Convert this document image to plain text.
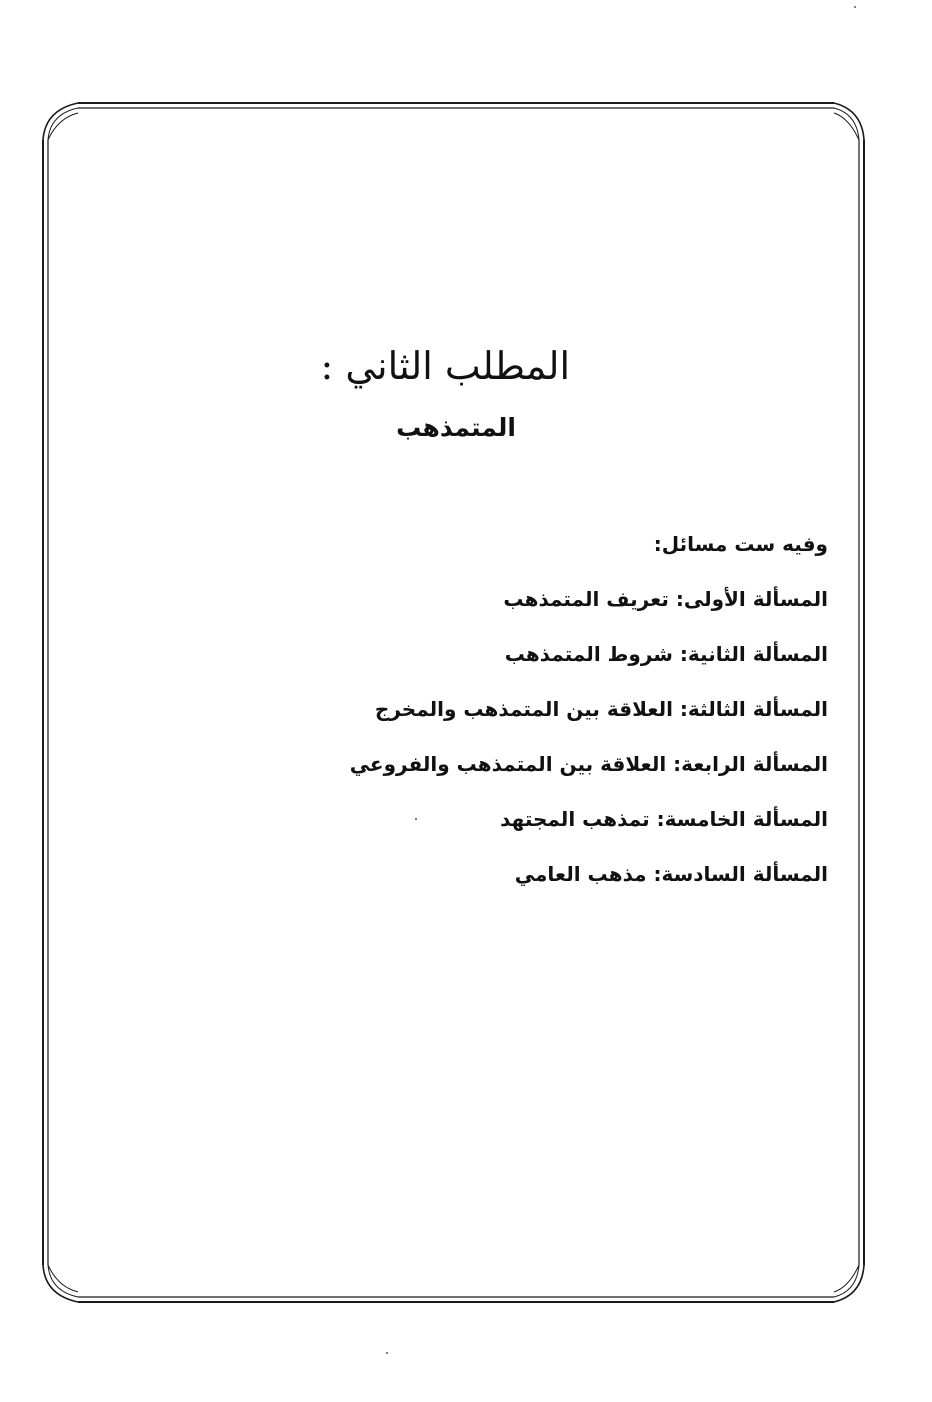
المطلب الثاني :
المتمذهب
وفيه ست مسائل:
المسألة الأولى: تعريف المتمذهب
المسألة الثانية: شروط المتمذهب
المسألة الثالثة: العلاقة بين المتمذهب والمخرج
المسألة الرابعة: العلاقة بين المتمذهب والفروعي
المسألة الخامسة: تمذهب المجتهد
المسألة السادسة: مذهب العامي
